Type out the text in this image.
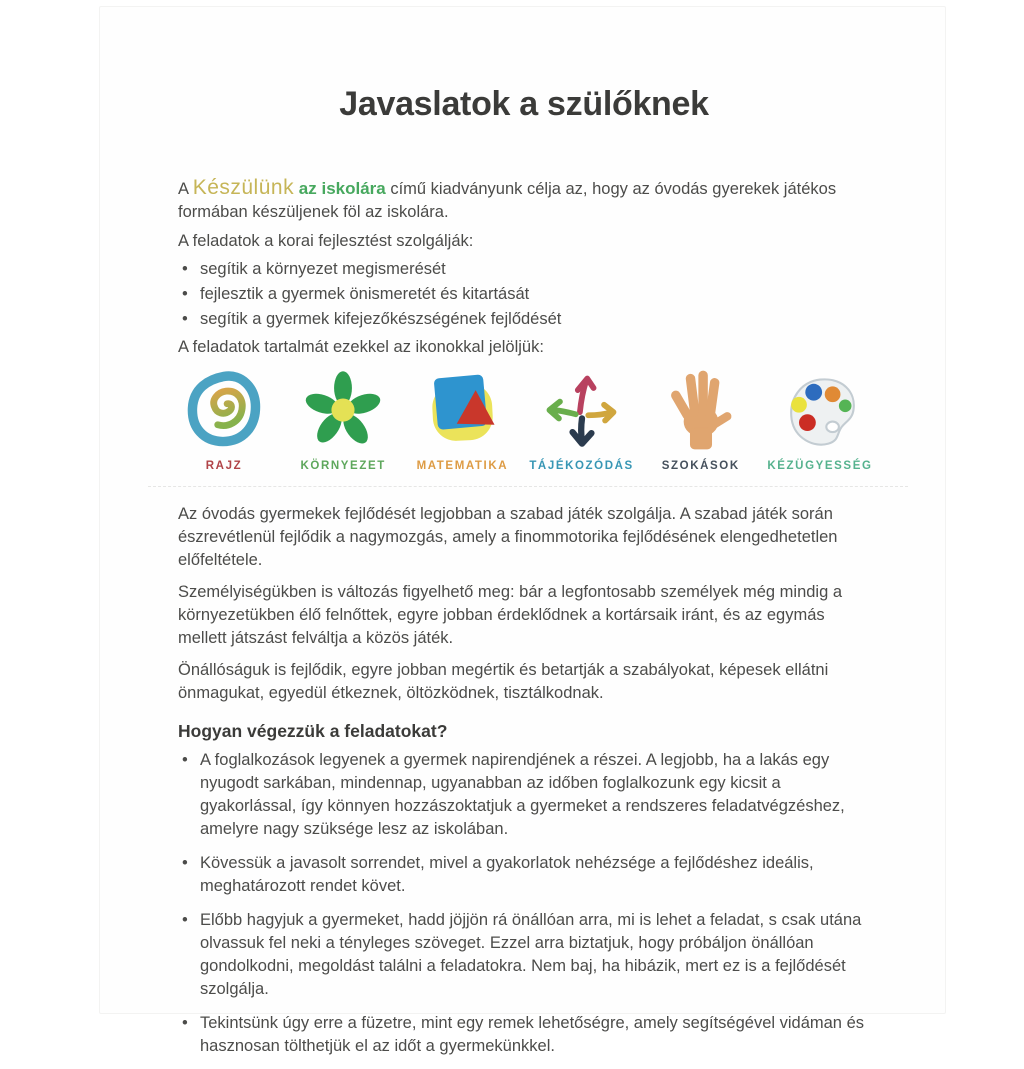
Javaslatok a szülőknek

A Készülünk az iskolára című kiadványunk célja az, hogy az óvodás gyerekek játékos formában készüljenek föl az iskolára.

A feladatok a korai fejlesztést szolgálják:

• segítik a környezet megismerését
• fejlesztik a gyermek önismeretét és kitartását
• segítik a gyermek kifejezőkészségének fejlődését

A feladatok tartalmát ezekkel az ikonokkal jelöljük:

RAJZ	KÖRNYEZET	MATEMATIKA TÁJÉKOZÓDÁS SZOKÁSOK KÉZÜGYESSÉG

Az óvodás gyermekek fejlődését legjobban a szabad játék szolgálja. A szabad játék során észrevétlenül fejlődik a nagymozgás, amely a finommotorika fejlődésének elengedhetetlen előfeltétele.

Személyiségükben is változás figyelhető meg: bár a legfontosabb személyek még mindig a környezetükben élő felnőttek, egyre jobban érdeklődnek a kortársaik iránt, és az egymás mellett játszást felváltja a közös játék.

Önállóságuk is fejlődik, egyre jobban megértik és betartják a szabályokat, képesek ellátni önmagukat, egyedül étkeznek, öltözködnek, tisztálkodnak.

Hogyan végezzük a feladatokat?
• A foglalkozások legyenek a gyermek napirendjének a részei. A legjobb, ha a lakás egy nyugodt sarkában, mindennap, ugyanabban az időben foglalkozunk egy kicsit a gyakorlással, így könnyen hozzászoktatjuk a gyermeket a rendszeres feladatvégzéshez, amelyre nagy szüksége lesz az iskolában.
• Kövessük a javasolt sorrendet, mivel a gyakorlatok nehézsége a fejlődéshez ideális, meghatározott rendet követ.
• Előbb hagyjuk a gyermeket, hadd jöjjön rá önállóan arra, mi is lehet a feladat, s csak utána olvassuk fel neki a tényleges szöveget. Ezzel arra biztatjuk, hogy próbáljon önállóan gondolkodni, megoldást találni a feladatokra. Nem baj, ha hibázik, mert ez is a fejlődését szolgálja.
• Tekintsünk úgy erre a füzetre, mint egy remek lehetőségre, amely segítségével vidáman és hasznosan tölthetjük el az időt a gyermekünkkel.
